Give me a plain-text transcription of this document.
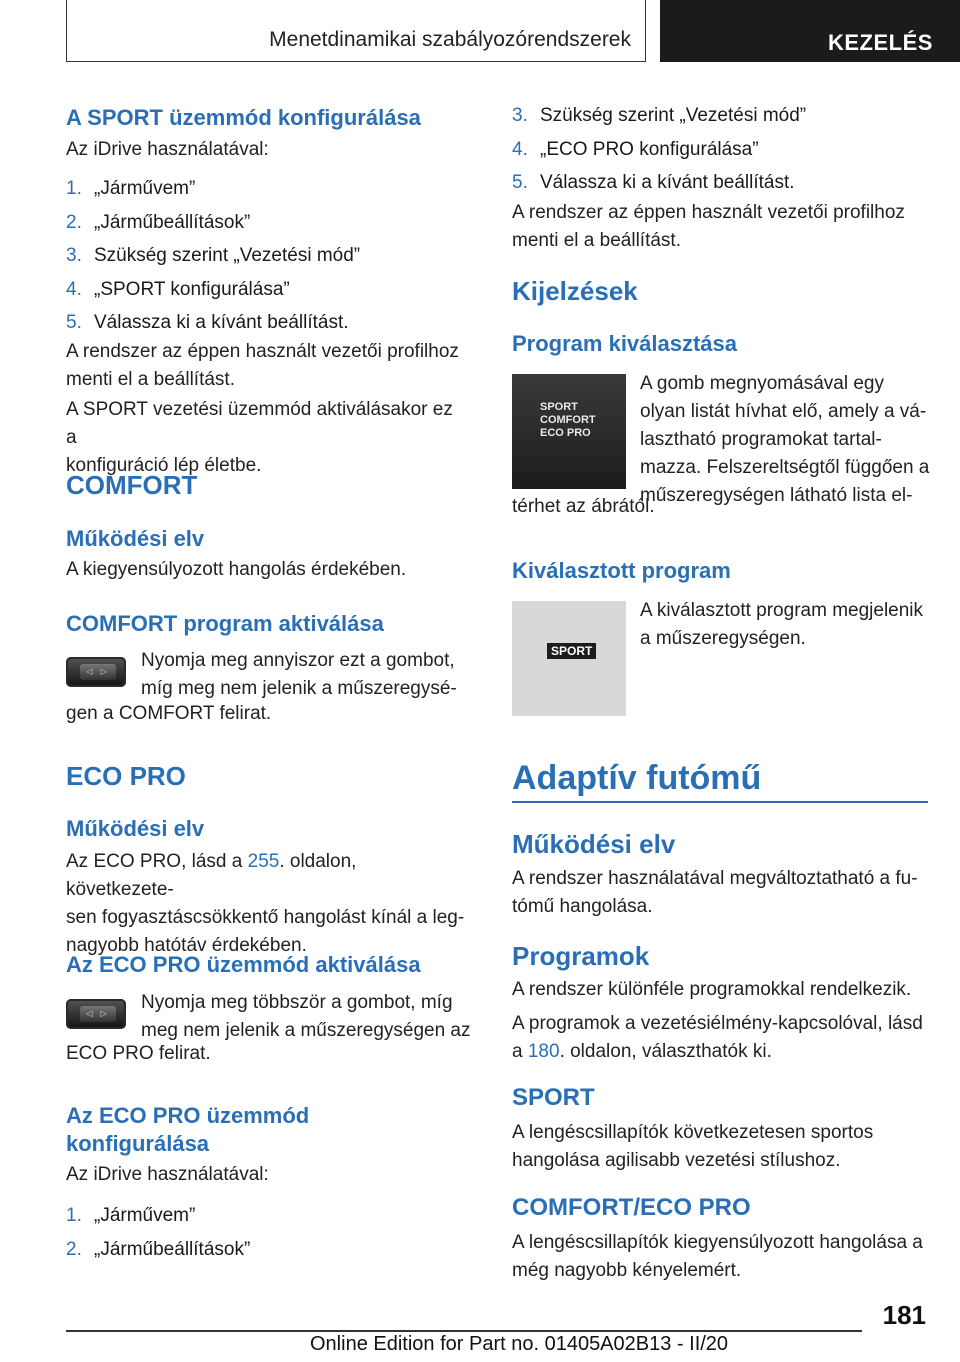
Menetdinamikai szabályozórendszerek	KEZELÉS
A SPORT üzemmód konfigurálása
Az iDrive használatával:
1. „Járművem”
2. „Járműbeállítások”
3. Szükség szerint „Vezetési mód”
4. „SPORT konfigurálása”
5. Válassza ki a kívánt beállítást.
A rendszer az éppen használt vezetői profilhoz
menti el a beállítást.
A SPORT vezetési üzemmód aktiválásakor ez a
konfiguráció lép életbe.
COMFORT
Működési elv
A kiegyensúlyozott hangolás érdekében.
COMFORT program aktiválása
◁ ▷
Nyomja meg annyiszor ezt a gombot,
míg meg nem jelenik a műszeregysé-
gen a COMFORT felirat.
ECO PRO
Működési elv
Az ECO PRO, lásd a 255. oldalon, következete-
sen fogyasztáscsökkentő hangolást kínál a leg-
nagyobb hatótáv érdekében.
Az ECO PRO üzemmód aktiválása
◁ ▷
Nyomja meg többször a gombot, míg
meg nem jelenik a műszeregységen az
ECO PRO felirat.
Az ECO PRO üzemmód
konfigurálása
Az iDrive használatával:
1. „Járművem”
2. „Járműbeállítások”
3. Szükség szerint „Vezetési mód”
4. „ECO PRO konfigurálása”
5. Válassza ki a kívánt beállítást.
A rendszer az éppen használt vezetői profilhoz
menti el a beállítást.
Kijelzések
Program kiválasztása
SPORT
COMFORT
ECO PRO
A gomb megnyomásával egy
olyan listát hívhat elő, amely a vá-
lasztható programokat tartal-
mazza. Felszereltségtől függően a
műszeregységen látható lista el-
térhet az ábrától.
Kiválasztott program
SPORT
A kiválasztott program megjelenik
a műszeregységen.
Adaptív futómű
Működési elv
A rendszer használatával megváltoztatható a fu-
tómű hangolása.
Programok
A rendszer különféle programokkal rendelkezik.
A programok a vezetésiélmény-kapcsolóval, lásd
a 180. oldalon, választhatók ki.
SPORT
A lengéscsillapítók következetesen sportos
hangolása agilisabb vezetési stílushoz.
COMFORT/ECO PRO
A lengéscsillapítók kiegyensúlyozott hangolása a
még nagyobb kényelemért.
181
Online Edition for Part no. 01405A02B13 - II/20
